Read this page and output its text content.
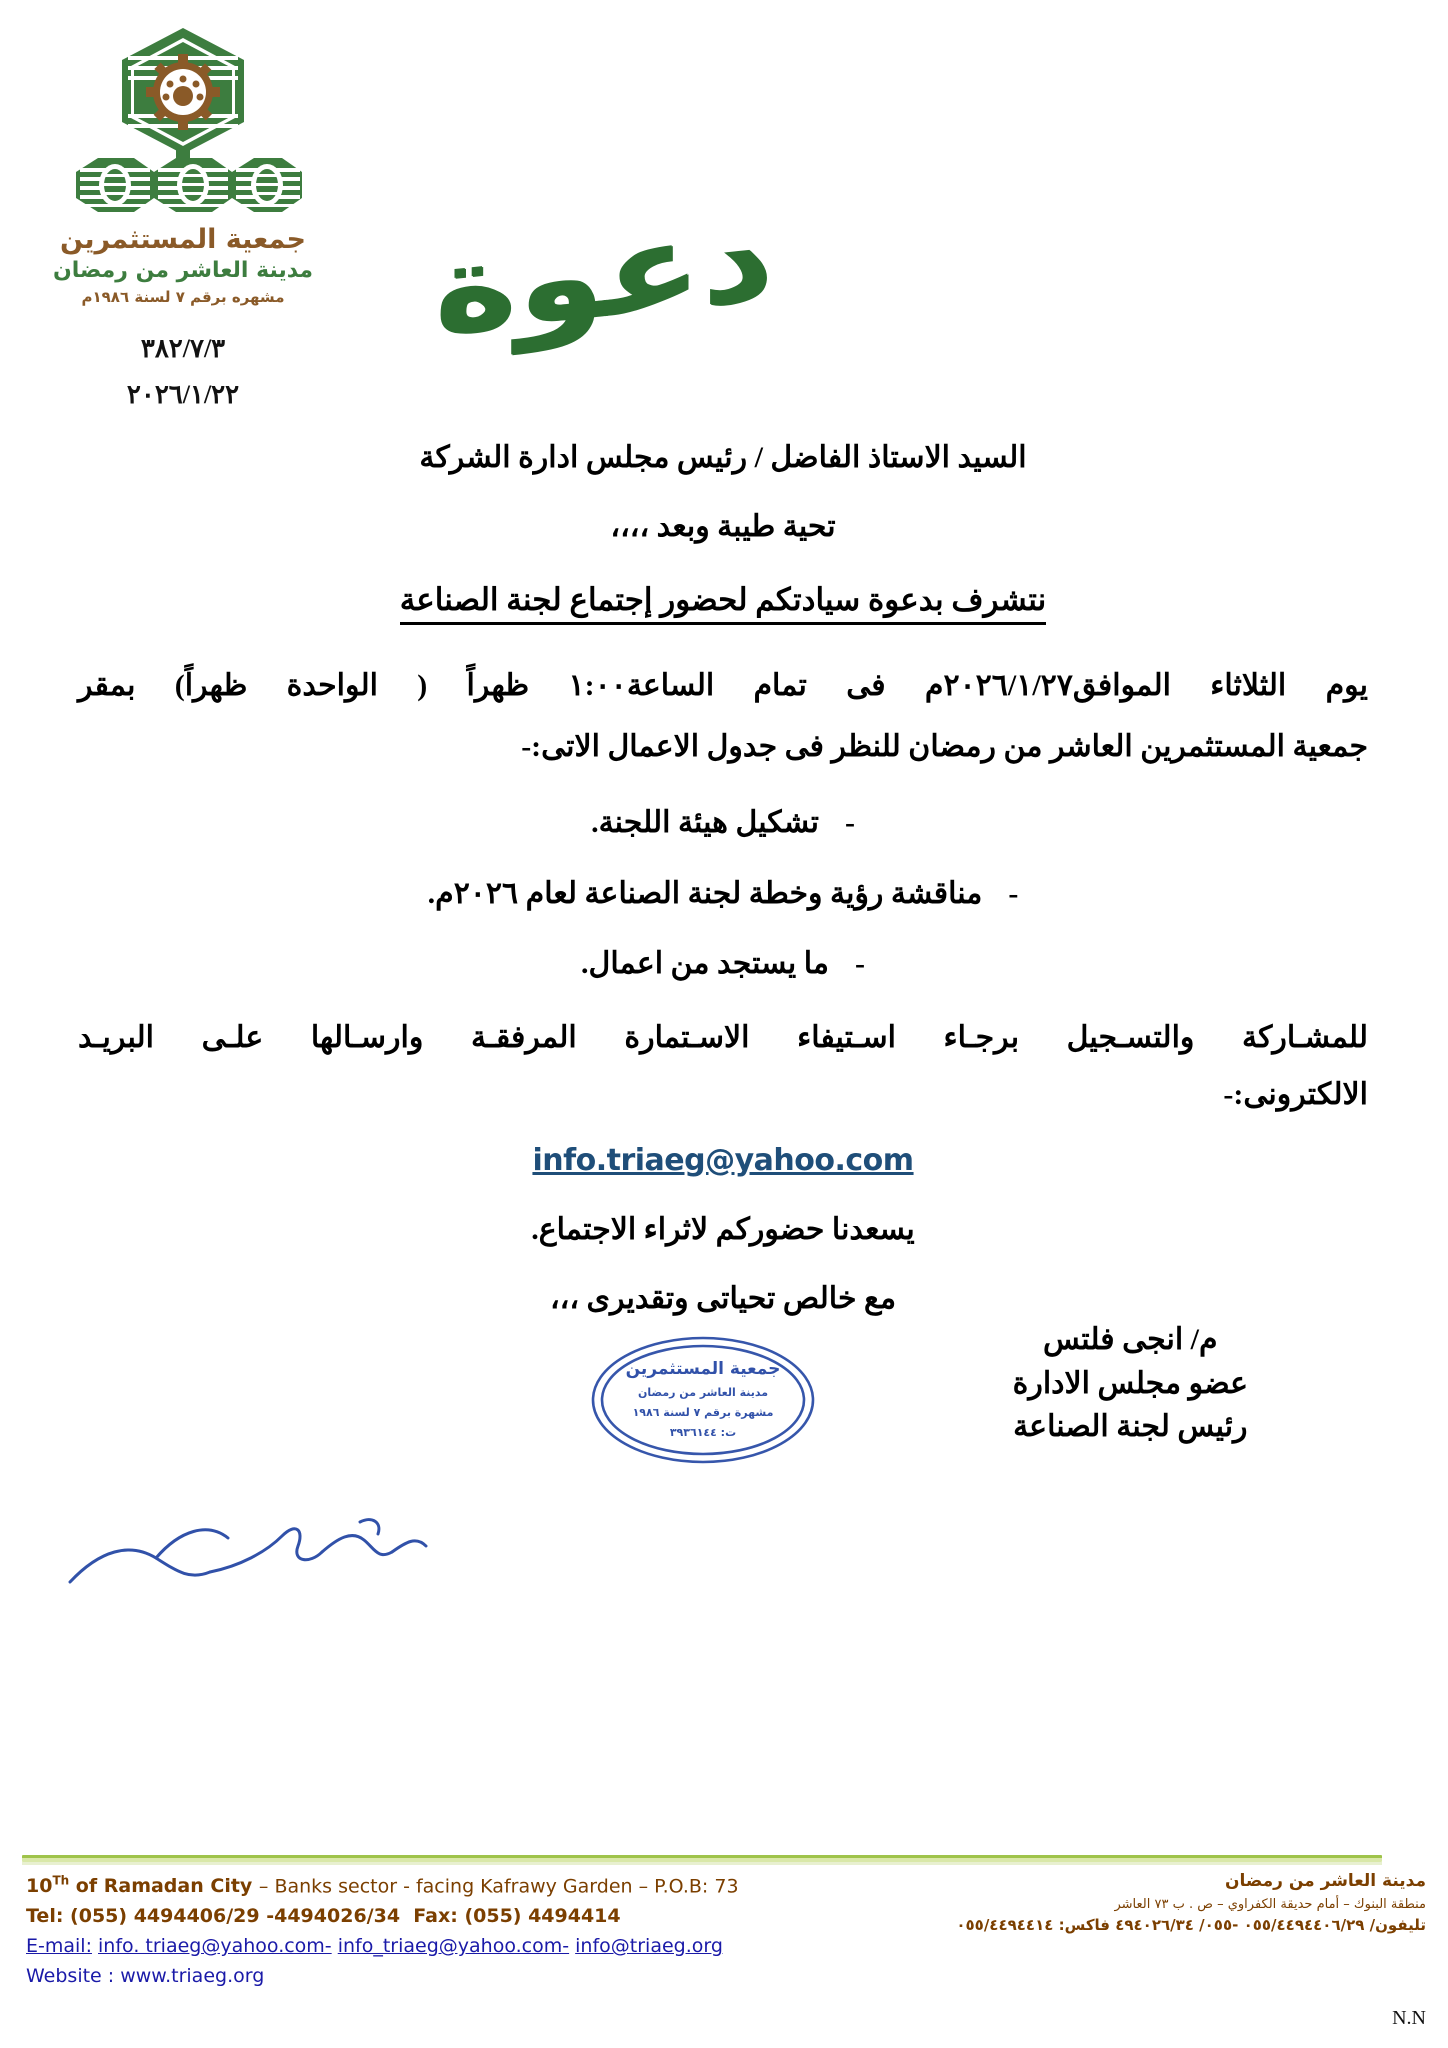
جمعية المستثمرين
مدينة العاشر من رمضان
مشهره برقم ٧ لسنة ١٩٨٦م
٣٨٢/٧/٣
٢٠٢٦/١/٢٢
دعوة
السيد الاستاذ الفاضل / رئيس مجلس ادارة الشركة
تحية طيبة وبعد ،،،،
نتشرف بدعوة سيادتكم لحضور إجتماع لجنة الصناعة
يوم الثلاثاء الموافق٢٠٢٦/١/٢٧م فى تمام الساعة١:٠٠ ظهراً ( الواحدة ظهراً) بمقر
جمعية المستثمرين العاشر من رمضان للنظر فى جدول الاعمال الاتى:-
-تشكيل هيئة اللجنة.
-مناقشة رؤية وخطة لجنة الصناعة لعام ٢٠٢٦م.
-ما يستجد من اعمال.
للمشـاركة والتسـجيل برجـاء اسـتيفاء الاسـتمارة المرفقـة وارسـالها علـى البريـد
الالكترونى:-
info.triaeg@yahoo.com
يسعدنا حضوركم لاثراء الاجتماع.
مع خالص تحياتى وتقديرى ،،،
م/ انجى فلتس
عضو مجلس الادارة
رئيس لجنة الصناعة
جمعية المستثمرين
مدينة العاشر من رمضان
مشهرة برقم ٧ لسنة ١٩٨٦
ت: ٣٩٣٦١٤٤
10Th of Ramadan City – Banks sector - facing Kafrawy Garden – P.O.B: 73
Tel: (055) 4494406/29 -4494026/34 Fax: (055) 4494414
E-mail: info. triaeg@yahoo.com- info_triaeg@yahoo.com- info@triaeg.org
Website : www.triaeg.org
مدينة العاشر من رمضان
منطقة البنوك – أمام حديقة الكفراوي – ص . ب ٧٣ العاشر
تليفون/ ٠٥٥/٤٤٩٤٤٠٦/٢٩ -٠٥٥/ ٤٩٤٠٢٦/٣٤ فاكس: ٠٥٥/٤٤٩٤٤١٤
N.N
